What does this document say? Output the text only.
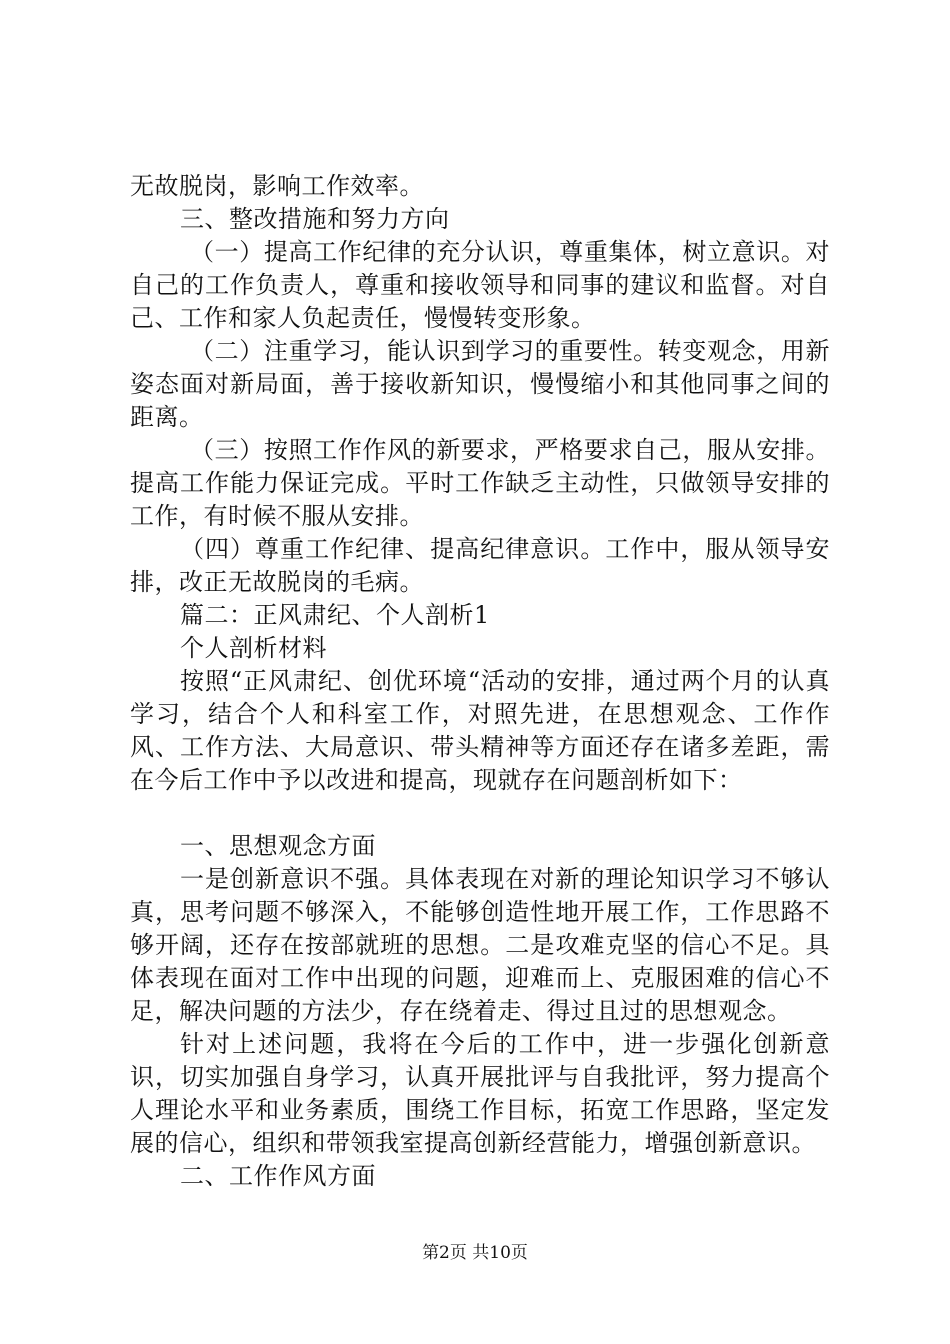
无故脱岗，影响工作效率。

三、整改措施和努力方向

（一）提高工作纪律的充分认识，尊重集体，树立意识。对自己的工作负责人，尊重和接收领导和同事的建议和监督。对自己、工作和家人负起责任，慢慢转变形象。

（二）注重学习，能认识到学习的重要性。转变观念，用新姿态面对新局面，善于接收新知识，慢慢缩小和其他同事之间的距离。

（三）按照工作作风的新要求，严格要求自己，服从安排。提高工作能力保证完成。平时工作缺乏主动性，只做领导安排的工作，有时候不服从安排。

（四）尊重工作纪律、提高纪律意识。工作中，服从领导安排，改正无故脱岗的毛病。

篇二：正风肃纪、个人剖析1

个人剖析材料

按照“正风肃纪、创优环境“活动的安排，通过两个月的认真学习，结合个人和科室工作，对照先进，在思想观念、工作作风、工作方法、大局意识、带头精神等方面还存在诸多差距，需在今后工作中予以改进和提高，现就存在问题剖析如下：

一、思想观念方面

一是创新意识不强。具体表现在对新的理论知识学习不够认真，思考问题不够深入，不能够创造性地开展工作，工作思路不够开阔，还存在按部就班的思想。二是攻难克坚的信心不足。具体表现在面对工作中出现的问题，迎难而上、克服困难的信心不足，解决问题的方法少，存在绕着走、得过且过的思想观念。

针对上述问题，我将在今后的工作中，进一步强化创新意识，切实加强自身学习，认真开展批评与自我批评，努力提高个人理论水平和业务素质，围绕工作目标，拓宽工作思路，坚定发展的信心，组织和带领我室提高创新经营能力，增强创新意识。

二、工作作风方面

第2页 共10页
